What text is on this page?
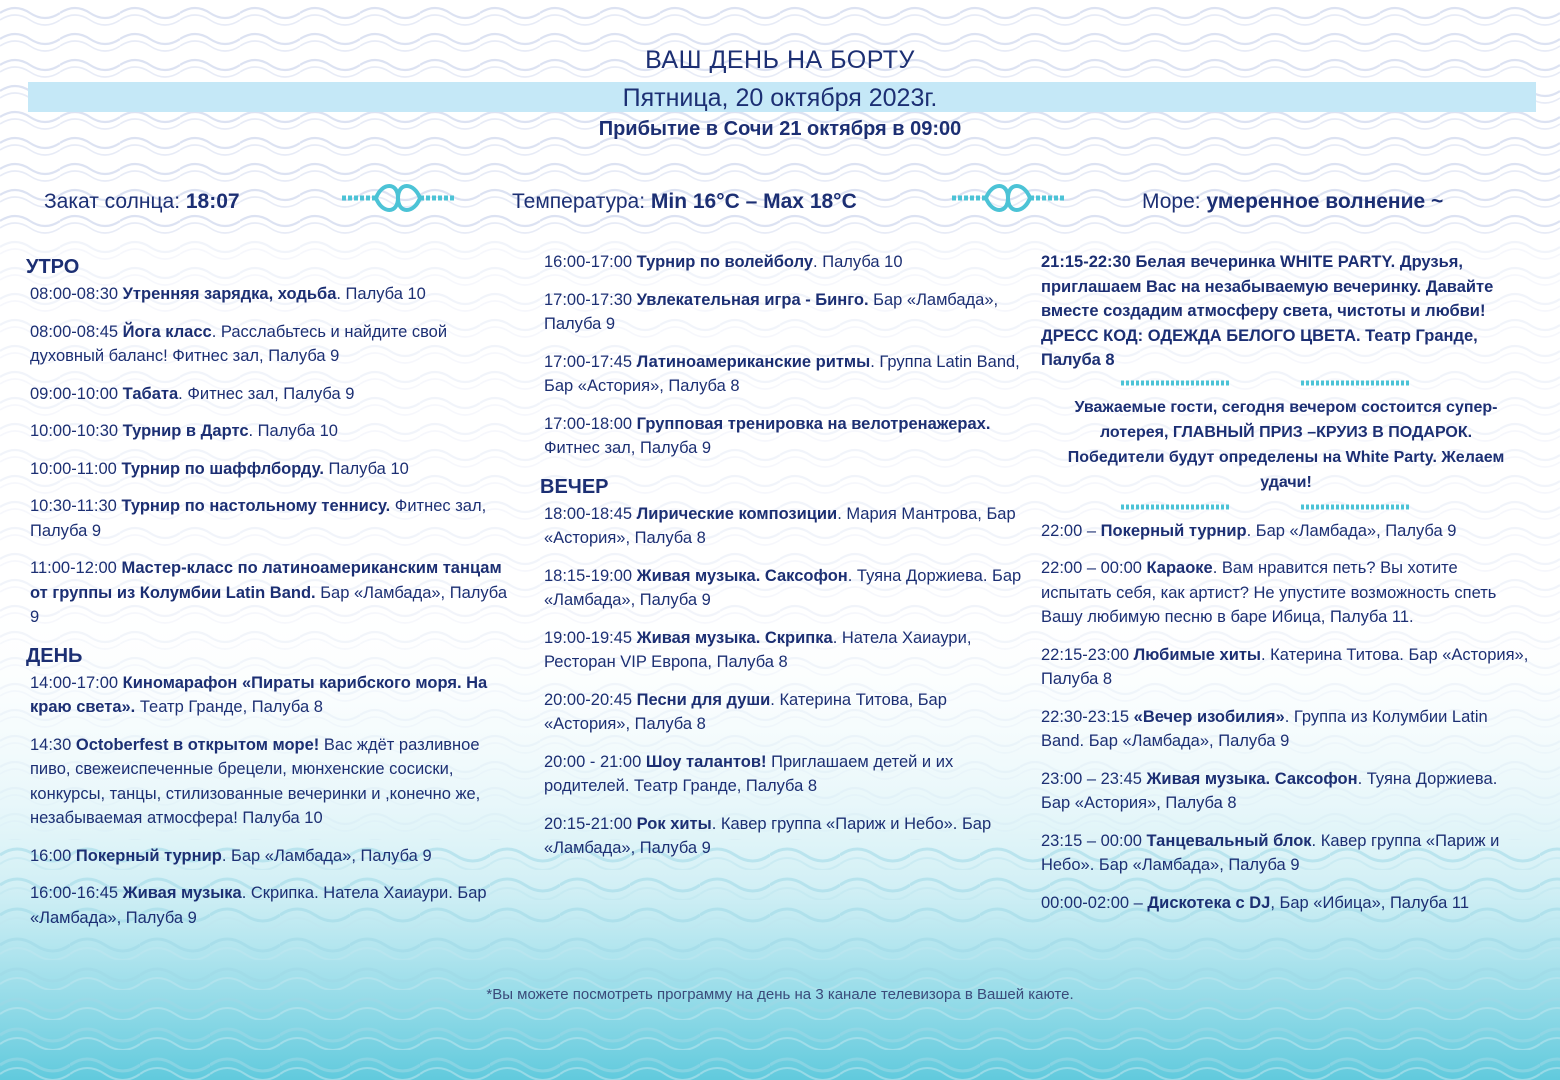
ВАШ ДЕНЬ НА БОРТУ
Пятница, 20 октября 2023г.
Прибытие в Сочи 21 октября в 09:00
Закат солнца: 18:07	Температура: Min 16°C – Max 18°C	Море: умеренное волнение ~
УТРО
08:00-08:30 Утренняя зарядка, ходьба. Палуба 10
08:00-08:45 Йога класс. Расслабьтесь и найдите свой духовный баланс! Фитнес зал, Палуба 9
09:00-10:00 Табата. Фитнес зал, Палуба 9
10:00-10:30 Турнир в Дартс. Палуба 10
10:00-11:00 Турнир по шаффлборду. Палуба 10
10:30-11:30 Турнир по настольному теннису. Фитнес зал, Палуба 9
11:00-12:00 Мастер-класс по латиноамериканским танцам от группы из Колумбии Latin Band. Бар «Ламбада», Палуба 9
ДЕНЬ
14:00-17:00 Киномарафон «Пираты карибского моря. На краю света». Театр Гранде, Палуба 8
14:30 Octoberfest в открытом море! Вас ждёт разливное пиво, свежеиспеченные брецели, мюнхенские сосиски, конкурсы, танцы, стилизованные вечеринки и ,конечно же, незабываемая атмосфера! Палуба 10
16:00 Покерный турнир. Бар «Ламбада», Палуба 9
16:00-16:45 Живая музыка. Скрипка. Натела Хаиаури. Бар «Ламбада», Палуба 9
16:00-17:00 Турнир по волейболу. Палуба 10
17:00-17:30 Увлекательная игра - Бинго. Бар «Ламбада», Палуба 9
17:00-17:45 Латиноамериканские ритмы. Группа Latin Band, Бар «Астория», Палуба 8
17:00-18:00 Групповая тренировка на велотренажерах. Фитнес зал, Палуба 9
ВЕЧЕР
18:00-18:45 Лирические композиции. Мария Мантрова, Бар «Астория», Палуба 8
18:15-19:00 Живая музыка. Саксофон. Туяна Доржиева. Бар «Ламбада», Палуба 9
19:00-19:45 Живая музыка. Скрипка. Натела Хаиаури, Ресторан VIP Европа, Палуба 8
20:00-20:45 Песни для души. Катерина Титова, Бар «Астория», Палуба 8
20:00 - 21:00 Шоу талантов! Приглашаем детей и их родителей. Театр Гранде, Палуба 8
20:15-21:00 Рок хиты. Кавер группа «Париж и Небо». Бар «Ламбада», Палуба 9
21:15-22:30 Белая вечеринка WHITE PARTY. Друзья, приглашаем Вас на незабываемую вечеринку. Давайте вместе создадим атмосферу света, чистоты и любви! ДРЕСС КОД: ОДЕЖДА БЕЛОГО ЦВЕТА. Театр Гранде, Палуба 8
Уважаемые гости, сегодня вечером состоится супер-лотерея, ГЛАВНЫЙ ПРИЗ –КРУИЗ В ПОДАРОК. Победители будут определены на White Party. Желаем удачи!
22:00 – Покерный турнир. Бар «Ламбада», Палуба 9
22:00 – 00:00 Караоке. Вам нравится петь? Вы хотите испытать себя, как артист? Не упустите возможность спеть Вашу любимую песню в баре Ибица, Палуба 11.
22:15-23:00 Любимые хиты. Катерина Титова. Бар «Астория», Палуба 8
22:30-23:15 «Вечер изобилия». Группа из Колумбии Latin Band. Бар «Ламбада», Палуба 9
23:00 – 23:45 Живая музыка. Саксофон. Туяна Доржиева. Бар «Астория», Палуба 8
23:15 – 00:00 Танцевальный блок. Кавер группа «Париж и Небо». Бар «Ламбада», Палуба 9
00:00-02:00 – Дискотека с DJ, Бар «Ибица», Палуба 11
*Вы можете посмотреть программу на день на 3 канале телевизора в Вашей каюте.
